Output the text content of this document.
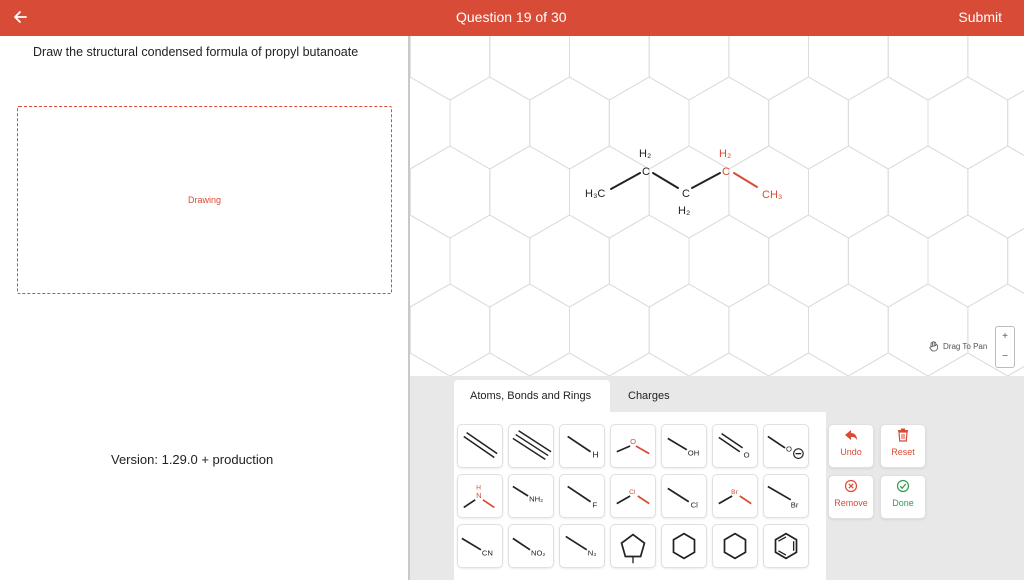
Question 19 of 30	Submit
Draw the structural condensed formula of propyl butanoate
Drawing
Version: 1.29.0 + production
H₃C
H₂
C
C
H₂
H₂
C
CH₃
Drag To Pan
+
−
Atoms, Bonds and Rings	Charges
H
O
OH	O
O
H
N	NH₂
F
Cl
Cl
Br
Br
CN	NO₂	N₃
Undo	Reset
Remove	Done
